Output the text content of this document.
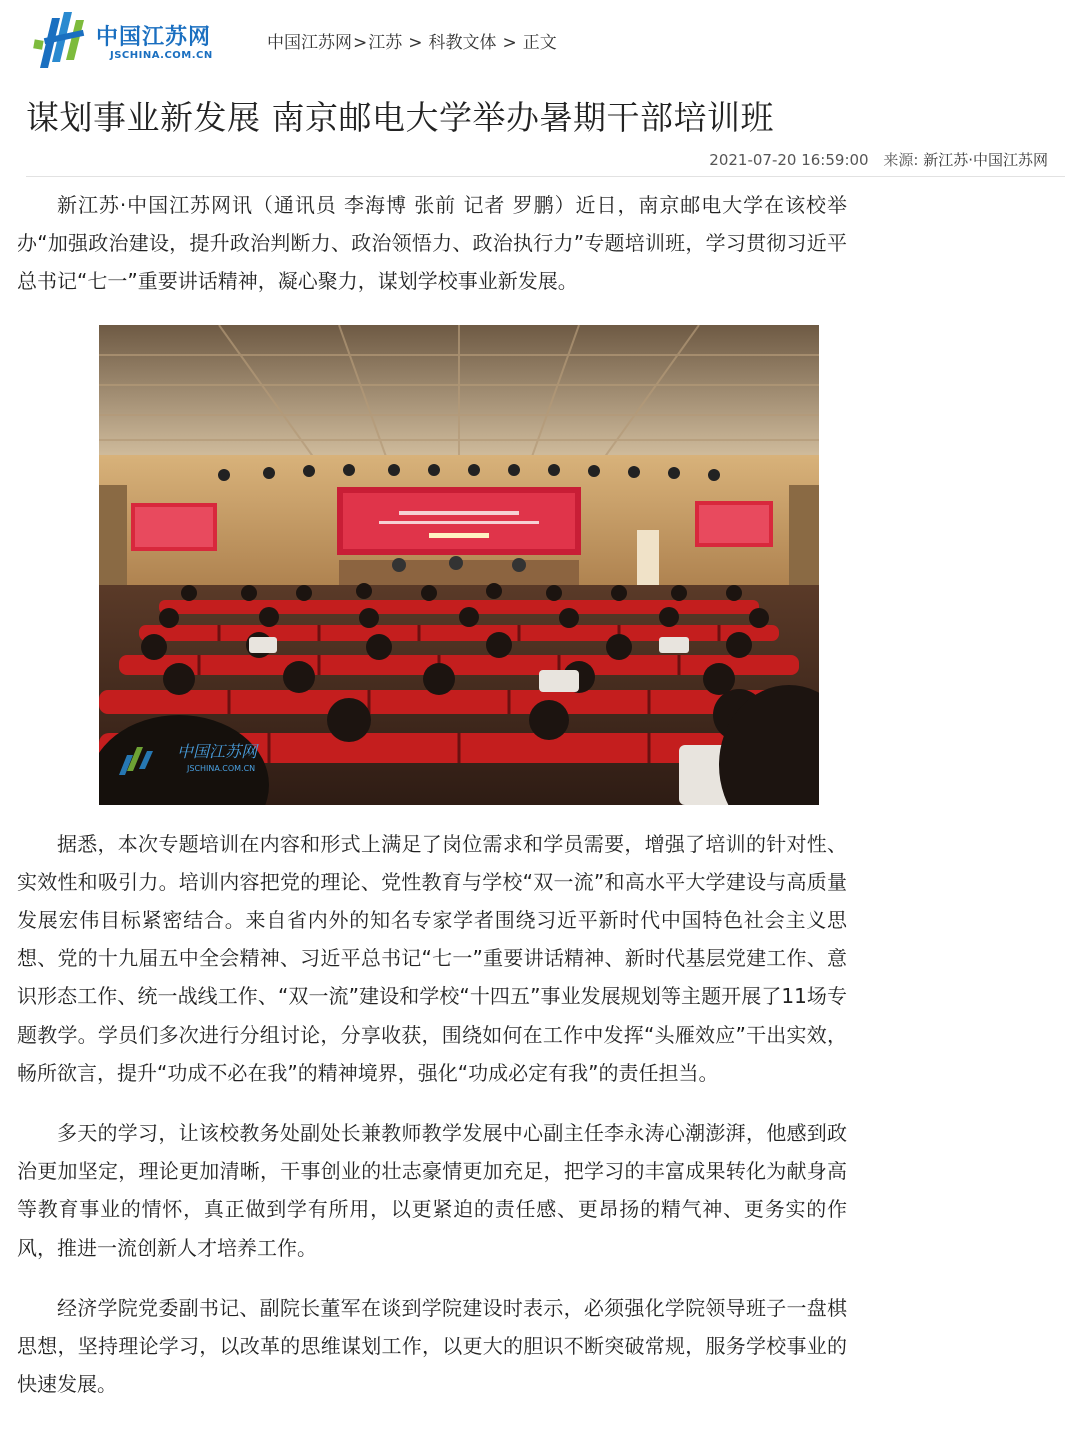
中国江苏网
JSCHINA.COM.CN
中国江苏网>江苏 > 科教文体 > 正文
谋划事业新发展 南京邮电大学举办暑期干部培训班
2021-07-20 16:59:00 来源: 新江苏·中国江苏网

新江苏·中国江苏网讯（通讯员 李海博 张前 记者 罗鹏）近日，南京邮电大学在该校举办“加强政治建设，提升政治判断力、政治领悟力、政治执行力”专题培训班，学习贯彻习近平总书记“七一”重要讲话精神，凝心聚力，谋划学校事业新发展。

中国江苏网
JSCHINA.COM.CN

据悉，本次专题培训在内容和形式上满足了岗位需求和学员需要，增强了培训的针对性、实效性和吸引力。培训内容把党的理论、党性教育与学校“双一流”和高水平大学建设与高质量发展宏伟目标紧密结合。来自省内外的知名专家学者围绕习近平新时代中国特色社会主义思想、党的十九届五中全会精神、习近平总书记“七一”重要讲话精神、新时代基层党建工作、意识形态工作、统一战线工作、“双一流”建设和学校“十四五”事业发展规划等主题开展了11场专题教学。学员们多次进行分组讨论，分享收获，围绕如何在工作中发挥“头雁效应”干出实效，畅所欲言，提升“功成不必在我”的精神境界，强化“功成必定有我”的责任担当。

多天的学习，让该校教务处副处长兼教师教学发展中心副主任李永涛心潮澎湃，他感到政治更加坚定，理论更加清晰，干事创业的壮志豪情更加充足，把学习的丰富成果转化为献身高等教育事业的情怀，真正做到学有所用，以更紧迫的责任感、更昂扬的精气神、更务实的作风，推进一流创新人才培养工作。

经济学院党委副书记、副院长董军在谈到学院建设时表示，必须强化学院领导班子一盘棋思想，坚持理论学习，以改革的思维谋划工作，以更大的胆识不断突破常规，服务学校事业的快速发展。
